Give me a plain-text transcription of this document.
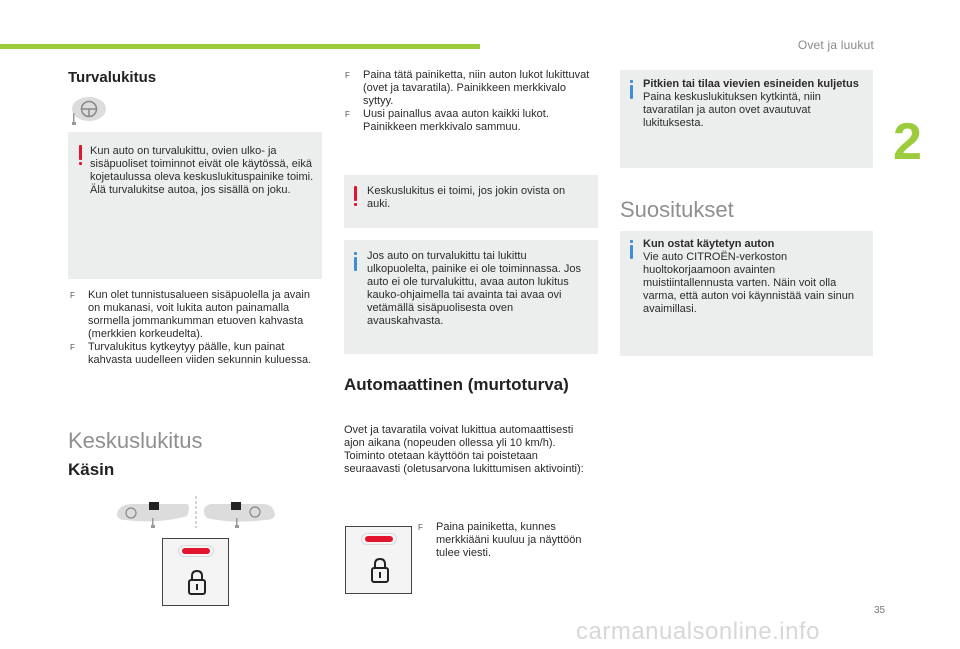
Ovet ja luukut
2
35
carmanualsonline.info
Turvalukitus
Kun auto on turvalukittu, ovien ulko- ja sisäpuoliset toiminnot eivät ole käytössä, eikä kojetaulussa oleva keskuslukituspainike toimi.
Älä turvalukitse autoa, jos sisällä on joku.
F Kun olet tunnistusalueen sisäpuolella ja avain on mukanasi, voit lukita auton painamalla sormella jommankumman etuoven kahvasta (merkkien korkeudelta).
F Turvalukitus kytkeytyy päälle, kun painat kahvasta uudelleen viiden sekunnin kuluessa.
Keskuslukitus
Käsin
F Paina tätä painiketta, niin auton lukot lukittuvat (ovet ja tavaratila). Painikkeen merkkivalo syttyy.
F Uusi painallus avaa auton kaikki lukot. Painikkeen merkkivalo sammuu.
Keskuslukitus ei toimi, jos jokin ovista on auki.
Jos auto on turvalukittu tai lukittu ulkopuolelta, painike ei ole toiminnassa. Jos auto ei ole turvalukittu, avaa auton lukitus kauko-ohjaimella tai avainta tai avaa ovi vetämällä sisäpuolisesta oven avauskahvasta.
Automaattinen (murtoturva)
Ovet ja tavaratila voivat lukittua automaattisesti ajon aikana (nopeuden ollessa yli 10 km/h).
Toiminto otetaan käyttöön tai poistetaan seuraavasti (oletusarvona lukittumisen aktivointi):
F Paina painiketta, kunnes merkkiääni kuuluu ja näyttöön tulee viesti.
Pitkien tai tilaa vievien esineiden kuljetus
Paina keskuslukituksen kytkintä, niin tavaratilan ja auton ovet avautuvat lukituksesta.
Suositukset
Kun ostat käytetyn auton
Vie auto CITROËN-verkoston huoltokorjaamoon avainten muistiintallennusta varten. Näin voit olla varma, että auton voi käynnistää vain sinun avaimillasi.
